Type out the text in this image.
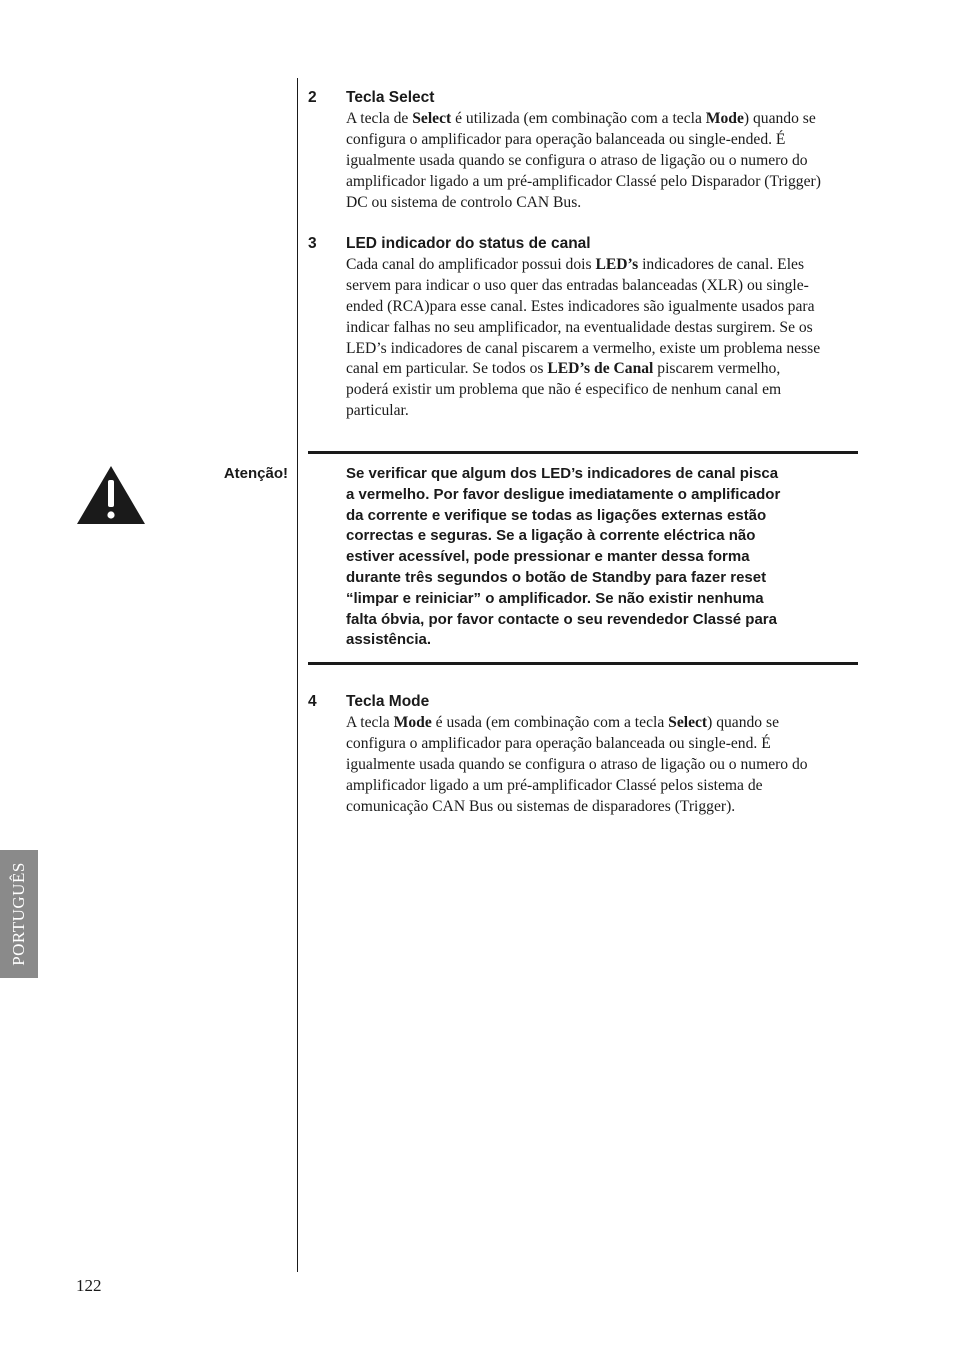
2 Tecla Select
A tecla de Select é utilizada (em combinação com a tecla Mode) quando se
configura o amplificador para operação balanceada ou single-ended. É
igualmente usada quando se configura o atraso de ligação ou o numero do
amplificador ligado a um pré-amplificador Classé pelo Disparador (Trigger)
DC ou sistema de controlo CAN Bus.
3 LED indicador do status de canal
Cada canal do amplificador possui dois LED’s indicadores de canal. Eles
servem para indicar o uso quer das entradas balanceadas (XLR) ou single-
ended (RCA)para esse canal. Estes indicadores são igualmente usados para
indicar falhas no seu amplificador, na eventualidade destas surgirem. Se os
LED’s indicadores de canal piscarem a vermelho, existe um problema nesse
canal em particular. Se todos os LED’s de Canal piscarem vermelho,
poderá existir um problema que não é especifico de nenhum canal em
particular.
Atenção!	Se verificar que algum dos LED’s indicadores de canal pisca
a vermelho. Por favor desligue imediatamente o amplificador
da corrente e verifique se todas as ligações externas estão
correctas e seguras. Se a ligação à corrente eléctrica não
estiver acessível, pode pressionar e manter dessa forma
durante três segundos o botão de Standby para fazer reset
“limpar e reiniciar” o amplificador. Se não existir nenhuma
falta óbvia, por favor contacte o seu revendedor Classé para
assistência.
4 Tecla Mode
A tecla Mode é usada (em combinação com a tecla Select) quando se
configura o amplificador para operação balanceada ou single-end. É
igualmente usada quando se configura o atraso de ligação ou o numero do
amplificador ligado a um pré-amplificador Classé pelos sistema de
comunicação CAN Bus ou sistemas de disparadores (Trigger).
PORTUGUÊS
122
